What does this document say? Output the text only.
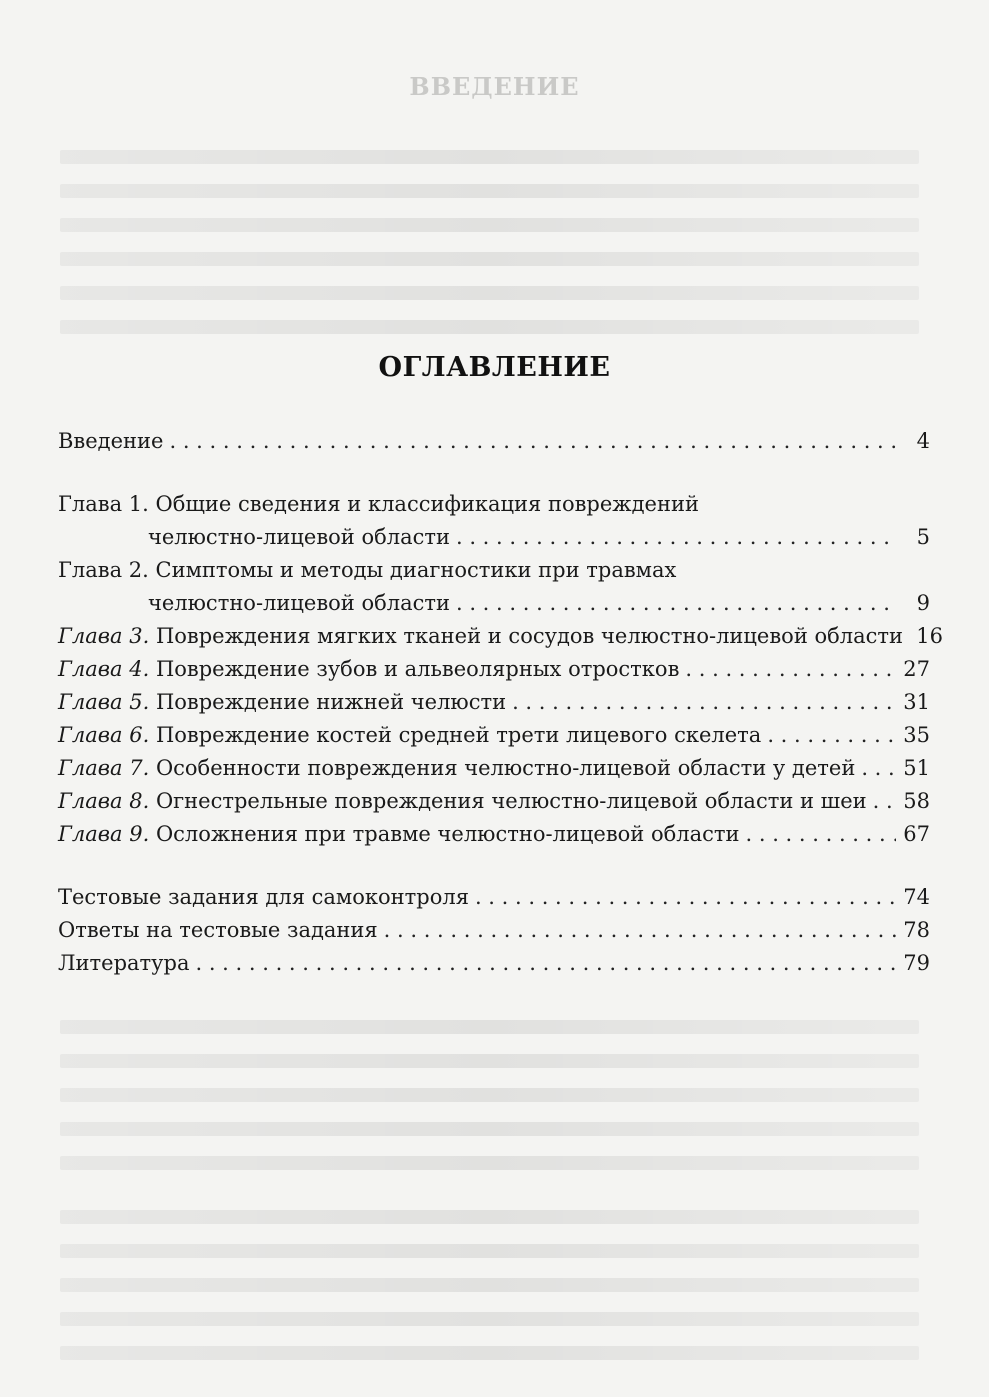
ВВЕДЕНИЕ
ОГЛАВЛЕНИЕ
Введение . . .	4
Глава 1. Общие сведения и классификация повреждений
челюстно-лицевой области . . .	5
Глава 2. Симптомы и методы диагностики при травмах
челюстно-лицевой области . . .	9
Глава 3. Повреждения мягких тканей и сосудов челюстно-лицевой области 16
Глава 4. Повреждение зубов и альвеолярных отростков . . .	27
Глава 5. Повреждение нижней челюсти . . .	31
Глава 6. Повреждение костей средней трети лицевого скелета . . .	35
Глава 7. Особенности повреждения челюстно-лицевой области у детей . . . 51
Глава 8. Огнестрельные повреждения челюстно-лицевой области и шеи . . . 58
Глава 9. Осложнения при травме челюстно-лицевой области . . .	67
Тестовые задания для самоконтроля . . .	74
Ответы на тестовые задания . . .	78
Литература . . .	79
